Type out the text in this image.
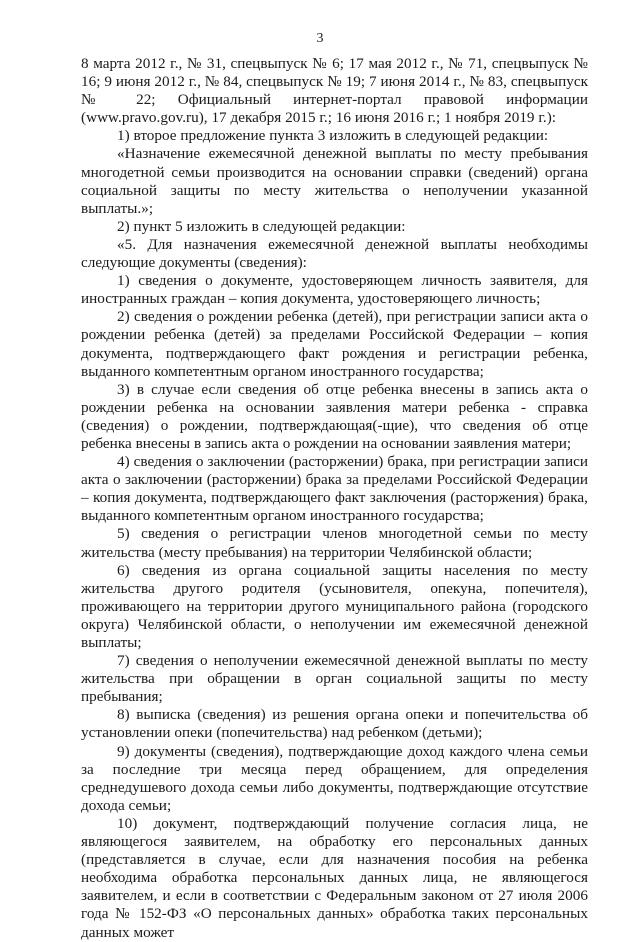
3

8 марта 2012 г., № 31, спецвыпуск № 6; 17 мая 2012 г., № 71, спецвыпуск № 16; 9 июня 2012 г., № 84, спецвыпуск № 19; 7 июня 2014 г., № 83, спецвыпуск № 22; Официальный интернет-портал правовой информации (www.pravo.gov.ru), 17 декабря 2015 г.; 16 июня 2016 г.; 1 ноября 2019 г.):

1) второе предложение пункта 3 изложить в следующей редакции:

«Назначение ежемесячной денежной выплаты по месту пребывания многодетной семьи производится на основании справки (сведений) органа социальной защиты по месту жительства о неполучении указанной выплаты.»;

2) пункт 5 изложить в следующей редакции:

«5. Для назначения ежемесячной денежной выплаты необходимы следующие документы (сведения):

1) сведения о документе, удостоверяющем личность заявителя, для иностранных граждан – копия документа, удостоверяющего личность;

2) сведения о рождении ребенка (детей), при регистрации записи акта о рождении ребенка (детей) за пределами Российской Федерации – копия документа, подтверждающего факт рождения и регистрации ребенка, выданного компетентным органом иностранного государства;

3) в случае если сведения об отце ребенка внесены в запись акта о рождении ребенка на основании заявления матери ребенка - справка (сведения) о рождении, подтверждающая(-щие), что сведения об отце ребенка внесены в запись акта о рождении на основании заявления матери;

4) сведения о заключении (расторжении) брака, при регистрации записи акта о заключении (расторжении) брака за пределами Российской Федерации – копия документа, подтверждающего факт заключения (расторжения) брака, выданного компетентным органом иностранного государства;

5) сведения о регистрации членов многодетной семьи по месту жительства (месту пребывания) на территории Челябинской области;

6) сведения из органа социальной защиты населения по месту жительства другого родителя (усыновителя, опекуна, попечителя), проживающего на территории другого муниципального района (городского округа) Челябинской области, о неполучении им ежемесячной денежной выплаты;

7) сведения о неполучении ежемесячной денежной выплаты по месту жительства при обращении в орган социальной защиты по месту пребывания;

8) выписка (сведения) из решения органа опеки и попечительства об установлении опеки (попечительства) над ребенком (детьми);

9) документы (сведения), подтверждающие доход каждого члена семьи за последние три месяца перед обращением, для определения среднедушевого дохода семьи либо документы, подтверждающие отсутствие дохода семьи;

10) документ, подтверждающий получение согласия лица, не являющегося заявителем, на обработку его персональных данных (представляется в случае, если для назначения пособия на ребенка необходима обработка персональных данных лица, не являющегося заявителем, и если в соответствии с Федеральным законом от 27 июля 2006 года № 152-ФЗ «О персональных данных» обработка таких персональных данных может
